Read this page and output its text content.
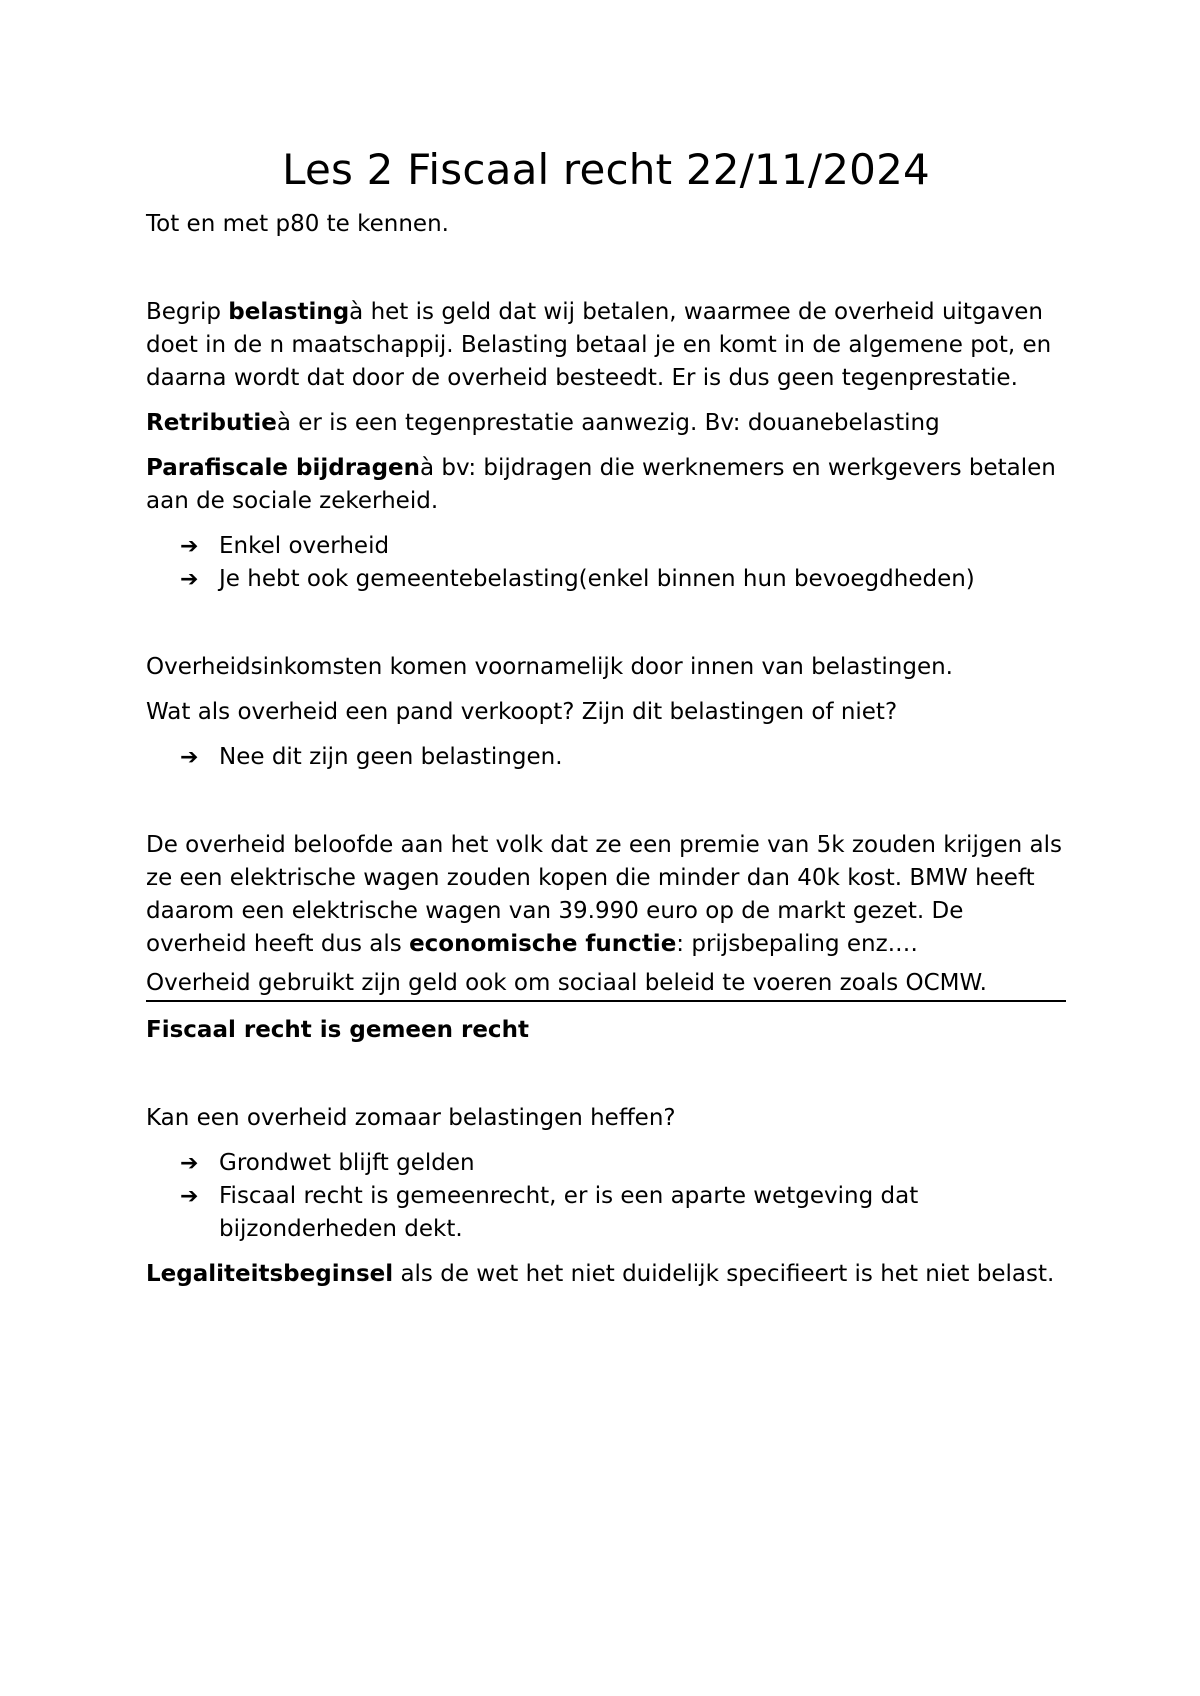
Les 2 Fiscaal recht 22/11/2024

Tot en met p80 te kennen.

Begrip belastingà het is geld dat wij betalen, waarmee de overheid uitgaven doet in de n maatschappij. Belasting betaal je en komt in de algemene pot, en daarna wordt dat door de overheid besteedt. Er is dus geen tegenprestatie.

Retributieà er is een tegenprestatie aanwezig. Bv: douanebelasting

Parafiscale bijdragenà bv: bijdragen die werknemers en werkgevers betalen aan de sociale zekerheid.

➔ Enkel overheid
➔ Je hebt ook gemeentebelasting(enkel binnen hun bevoegdheden)

Overheidsinkomsten komen voornamelijk door innen van belastingen.

Wat als overheid een pand verkoopt? Zijn dit belastingen of niet?

➔ Nee dit zijn geen belastingen.

De overheid beloofde aan het volk dat ze een premie van 5k zouden krijgen als ze een elektrische wagen zouden kopen die minder dan 40k kost. BMW heeft daarom een elektrische wagen van 39.990 euro op de markt gezet. De overheid heeft dus als economische functie: prijsbepaling enz.…

Overheid gebruikt zijn geld ook om sociaal beleid te voeren zoals OCMW.

Fiscaal recht is gemeen recht

Kan een overheid zomaar belastingen heffen?

➔ Grondwet blijft gelden
➔ Fiscaal recht is gemeenrecht, er is een aparte wetgeving dat bijzonderheden dekt.

Legaliteitsbeginsel als de wet het niet duidelijk specifieert is het niet belast.
